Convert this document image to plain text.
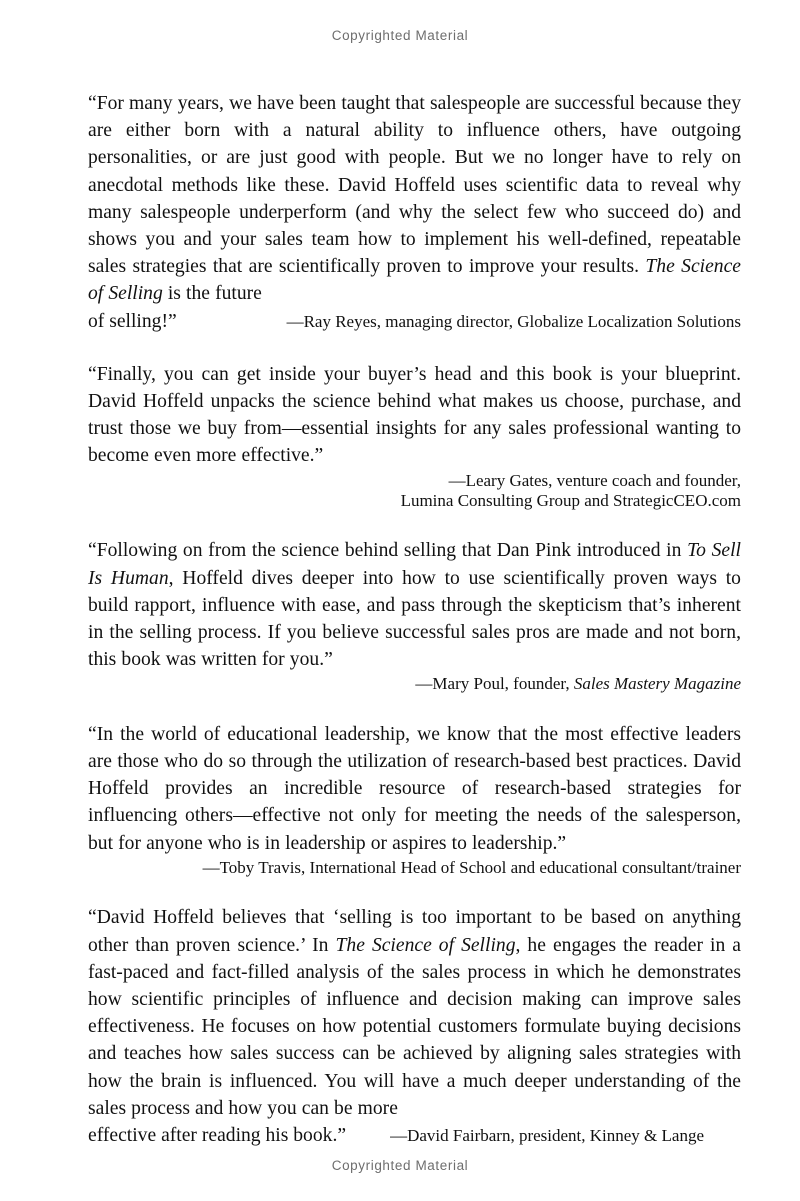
Copyrighted Material

“For many years, we have been taught that salespeople are successful because they are either born with a natural ability to influence others, have outgoing personalities, or are just good with people. But we no longer have to rely on anecdotal methods like these. David Hoffeld uses scientific data to reveal why many salespeople underperform (and why the select few who succeed do) and shows you and your sales team how to implement his well-defined, repeatable sales strategies that are scientifically proven to improve your results. The Science of Selling is the future

of selling!”	—Ray Reyes, managing director, Globalize Localization Solutions

“Finally, you can get inside your buyer’s head and this book is your blueprint. David Hoffeld unpacks the science behind what makes us choose, purchase, and trust those we buy from—essential insights for any sales professional wanting to become even more effective.”

—Leary Gates, venture coach and founder,
Lumina Consulting Group and StrategicCEO.com

“Following on from the science behind selling that Dan Pink introduced in To Sell Is Human, Hoffeld dives deeper into how to use scientifically proven ways to build rapport, influence with ease, and pass through the skepticism that’s inherent in the selling process. If you believe successful sales pros are made and not born, this book was written for you.”

—Mary Poul, founder, Sales Mastery Magazine

“In the world of educational leadership, we know that the most effective leaders are those who do so through the utilization of research-based best practices. David Hoffeld provides an incredible resource of research-based strategies for influencing others—effective not only for meeting the needs of the salesperson, but for anyone who is in leadership or aspires to leadership.”

—Toby Travis, International Head of School and educational consultant/trainer

“David Hoffeld believes that ‘selling is too important to be based on anything other than proven science.’ In The Science of Selling, he engages the reader in a fast-paced and fact-filled analysis of the sales process in which he demonstrates how scientific principles of influence and decision making can improve sales effectiveness. He focuses on how potential customers formulate buying decisions and teaches how sales success can be achieved by aligning sales strategies with how the brain is influenced. You will have a much deeper understanding of the sales process and how you can be more

effective after reading his book.”	—David Fairbarn, president, Kinney & Lange
Copyrighted Material
